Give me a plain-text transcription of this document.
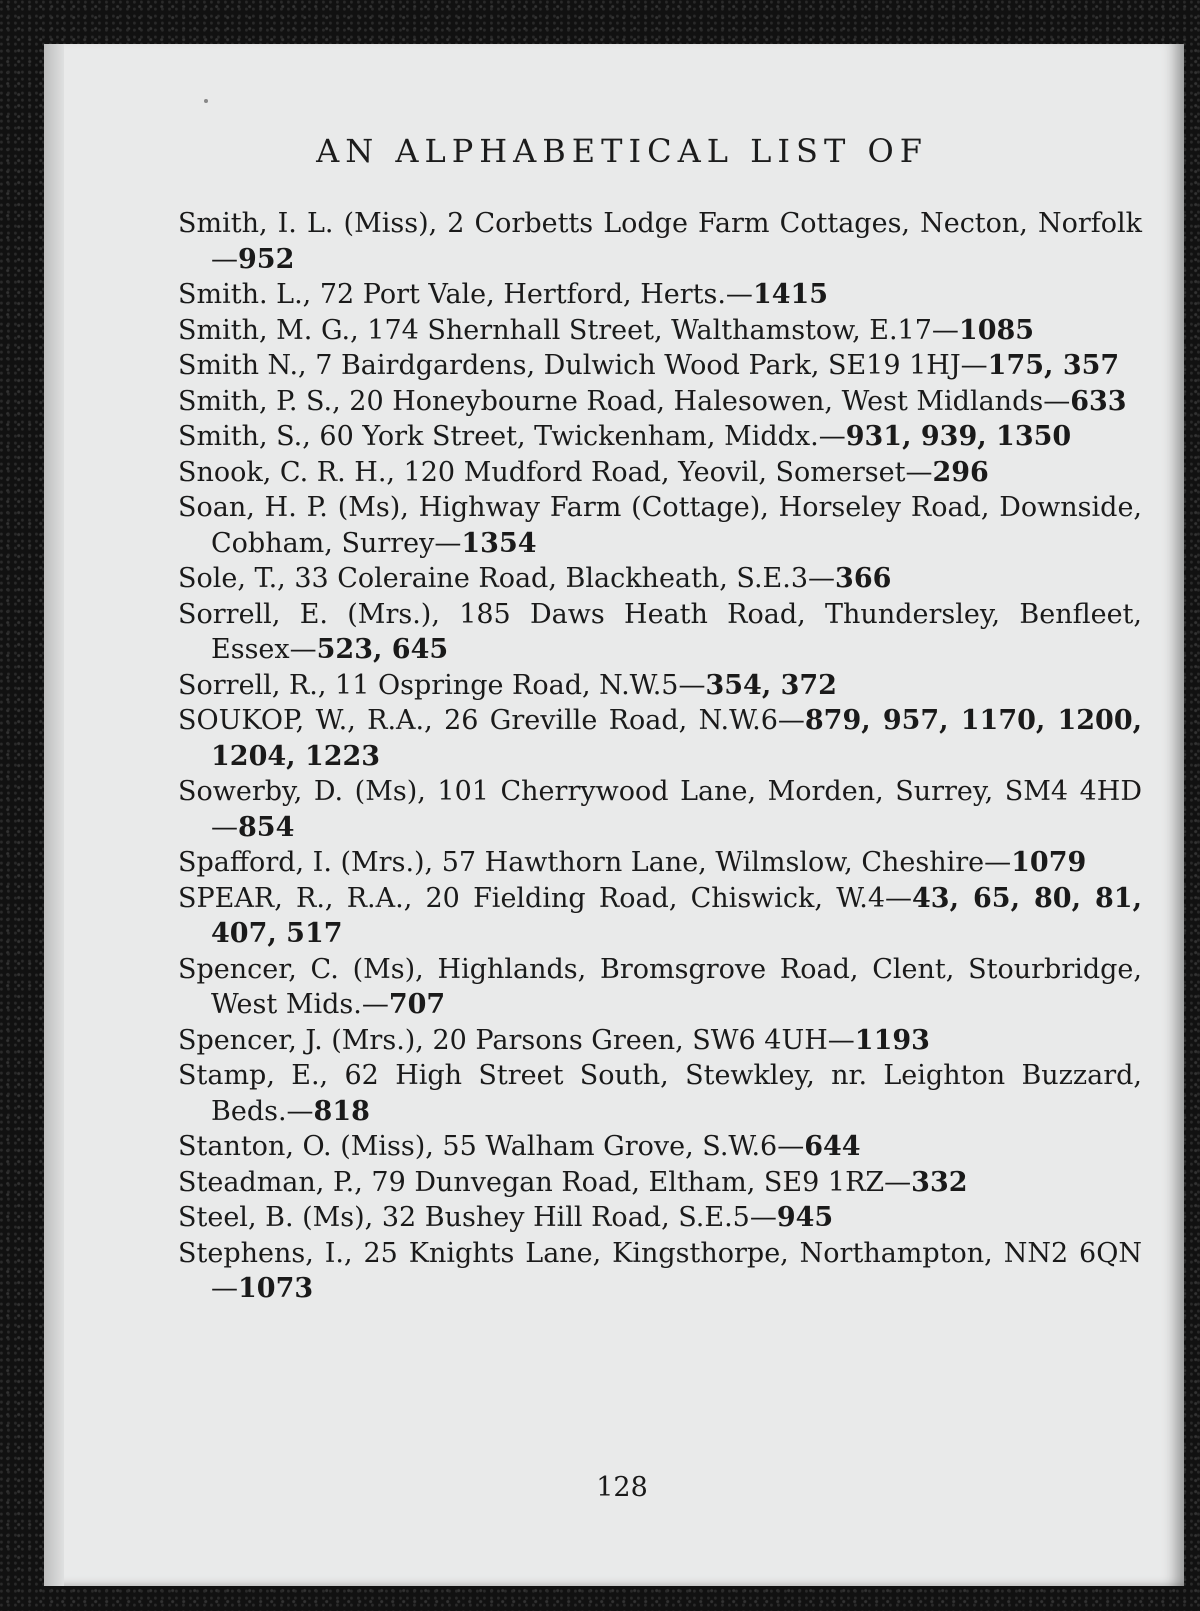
AN ALPHABETICAL LIST OF
Smith, I. L. (Miss), 2 Corbetts Lodge Farm Cottages, Necton, Norfolk—952
Smith. L., 72 Port Vale, Hertford, Herts.—1415
Smith, M. G., 174 Shernhall Street, Walthamstow, E.17—1085
Smith N., 7 Bairdgardens, Dulwich Wood Park, SE19 1HJ—175, 357
Smith, P. S., 20 Honeybourne Road, Halesowen, West Midlands—633
Smith, S., 60 York Street, Twickenham, Middx.—931, 939, 1350
Snook, C. R. H., 120 Mudford Road, Yeovil, Somerset—296
Soan, H. P. (Ms), Highway Farm (Cottage), Horseley Road, Downside, Cobham, Surrey—1354
Sole, T., 33 Coleraine Road, Blackheath, S.E.3—366
Sorrell, E. (Mrs.), 185 Daws Heath Road, Thundersley, Benfleet, Essex—523, 645
Sorrell, R., 11 Ospringe Road, N.W.5—354, 372
SOUKOP, W., R.A., 26 Greville Road, N.W.6—879, 957, 1170, 1200, 1204, 1223
Sowerby, D. (Ms), 101 Cherrywood Lane, Morden, Surrey, SM4 4HD—854
Spafford, I. (Mrs.), 57 Hawthorn Lane, Wilmslow, Cheshire—1079
SPEAR, R., R.A., 20 Fielding Road, Chiswick, W.4—43, 65, 80, 81, 407, 517
Spencer, C. (Ms), Highlands, Bromsgrove Road, Clent, Stourbridge, West Mids.—707
Spencer, J. (Mrs.), 20 Parsons Green, SW6 4UH—1193
Stamp, E., 62 High Street South, Stewkley, nr. Leighton Buzzard, Beds.—818
Stanton, O. (Miss), 55 Walham Grove, S.W.6—644
Steadman, P., 79 Dunvegan Road, Eltham, SE9 1RZ—332
Steel, B. (Ms), 32 Bushey Hill Road, S.E.5—945
Stephens, I., 25 Knights Lane, Kingsthorpe, Northampton, NN2 6QN—1073
128
